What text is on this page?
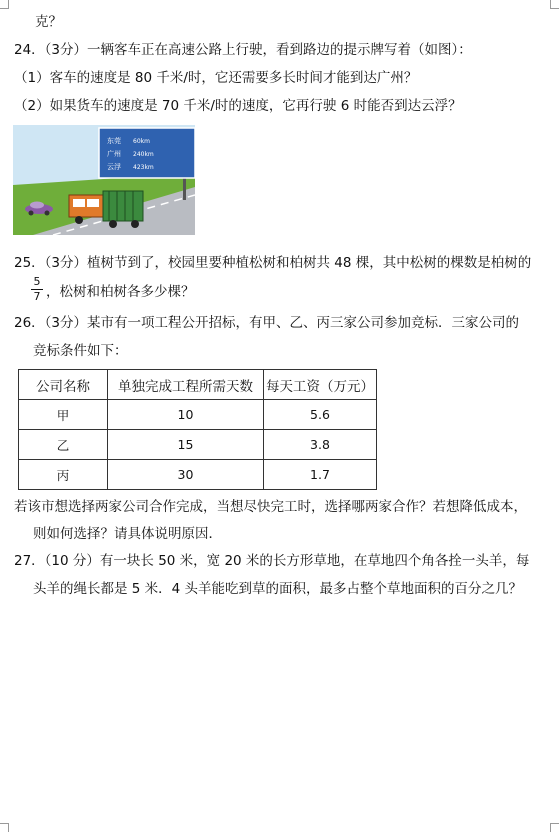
克？
24．（3分）一辆客车正在高速公路上行驶，看到路边的提示牌写着（如图）：
（1）客车的速度是 80 千米/时，它还需要多长时间才能到达广州？
（2）如果货车的速度是 70 千米/时的速度，它再行驶 6 时能否到达云浮？
东莞 60km
广州 240km
云浮 423km
25．（3分）植树节到了，校园里要种植松树和柏树共 48 棵，其中松树的棵数是柏树的
$\frac{5}{7}$ ，松树和柏树各多少棵？
26．（3分）某市有一项工程公开招标，有甲、乙、丙三家公司参加竞标．三家公司的
竞标条件如下：
公司名称	单独完成工程所需天数	每天工资（万元）
甲	10	5.6
乙	15	3.8
丙	30	1.7
若该市想选择两家公司合作完成，当想尽快完工时，选择哪两家合作？若想降低成本，
则如何选择？请具体说明原因．
27．（10 分）有一块长 50 米，宽 20 米的长方形草地，在草地四个角各拴一头羊，每
头羊的绳长都是 5 米．4 头羊能吃到草的面积，最多占整个草地面积的百分之几？
